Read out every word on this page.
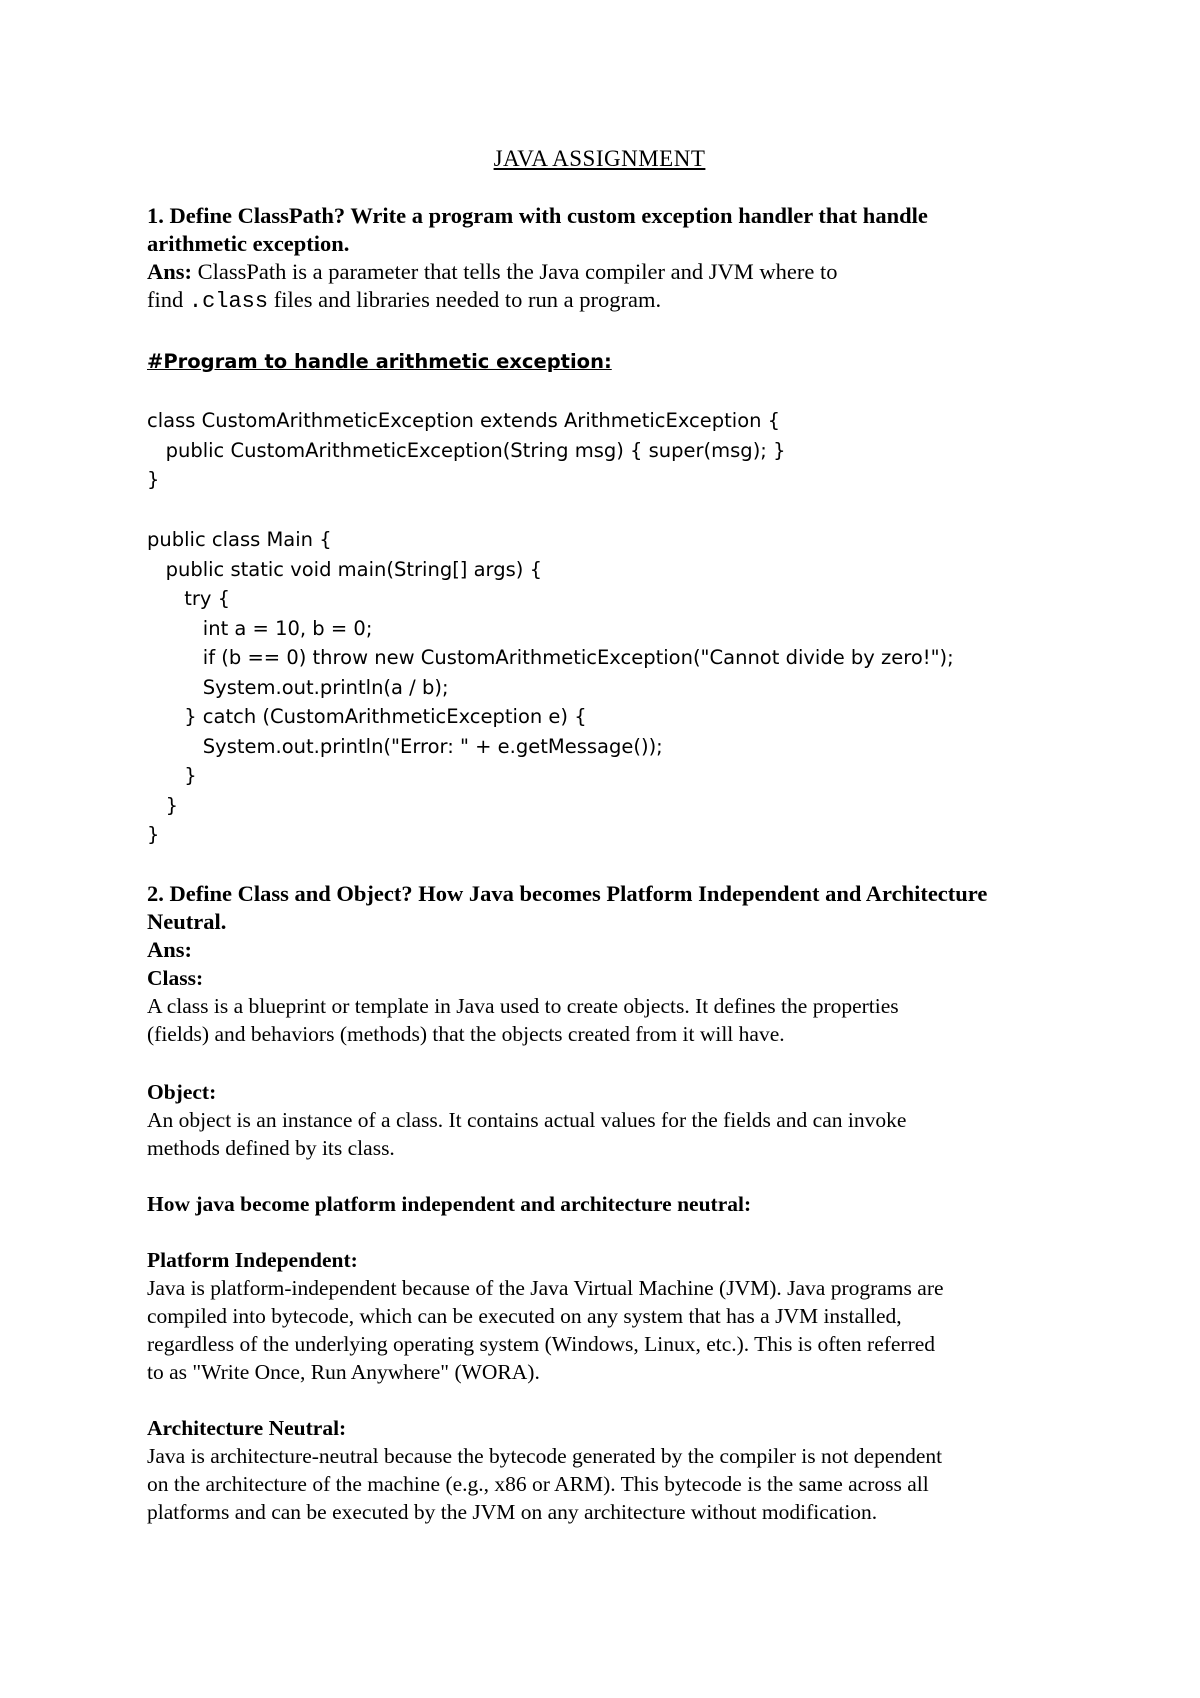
JAVA ASSIGNMENT

1. Define ClassPath? Write a program with custom exception handler that handle

arithmetic exception.

Ans: ClassPath is a parameter that tells the Java compiler and JVM where to

find .class files and libraries needed to run a program.

#Program to handle arithmetic exception:

class CustomArithmeticException extends ArithmeticException {

public CustomArithmeticException(String msg) { super(msg); }

}

public class Main {

public static void main(String[] args) {

try {

int a = 10, b = 0;

if (b == 0) throw new CustomArithmeticException("Cannot divide by zero!");

System.out.println(a / b);

} catch (CustomArithmeticException e) {

System.out.println("Error: " + e.getMessage());

}

}

}

2. Define Class and Object? How Java becomes Platform Independent and Architecture

Neutral.

Ans:

Class:

A class is a blueprint or template in Java used to create objects. It defines the properties

(fields) and behaviors (methods) that the objects created from it will have.

Object:

An object is an instance of a class. It contains actual values for the fields and can invoke

methods defined by its class.

How java become platform independent and architecture neutral:

Platform Independent:

Java is platform-independent because of the Java Virtual Machine (JVM). Java programs are

compiled into bytecode, which can be executed on any system that has a JVM installed,

regardless of the underlying operating system (Windows, Linux, etc.). This is often referred

to as "Write Once, Run Anywhere" (WORA).

Architecture Neutral:

Java is architecture-neutral because the bytecode generated by the compiler is not dependent

on the architecture of the machine (e.g., x86 or ARM). This bytecode is the same across all

platforms and can be executed by the JVM on any architecture without modification.
